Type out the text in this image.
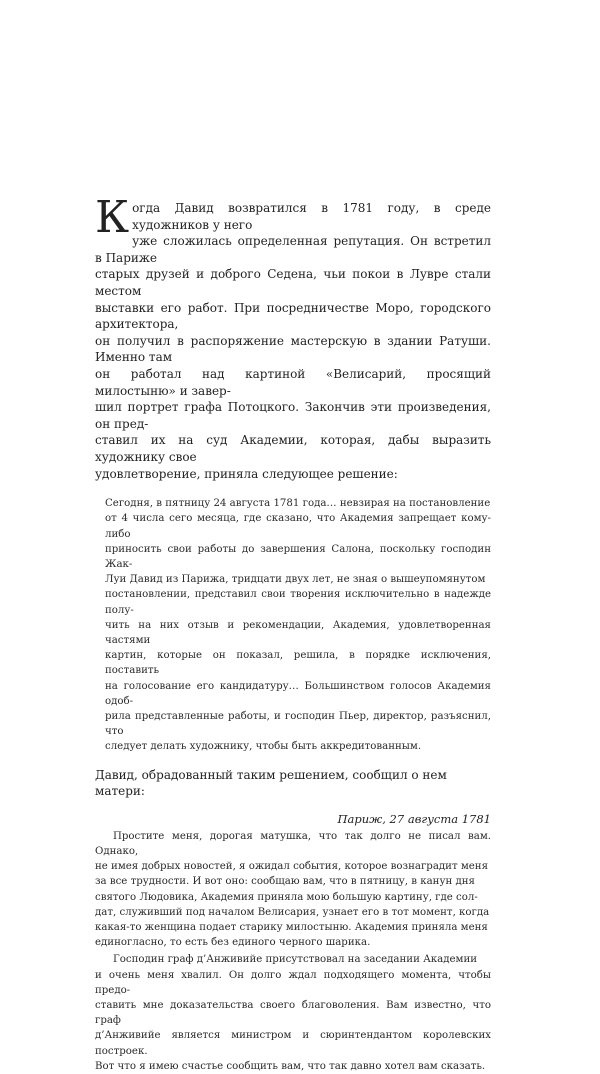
К огда Давид возвратился в 1781 году, в среде художников у него
уже сложилась определенная репутация. Он встретил в Париже
старых друзей и доброго Седена, чьи покои в Лувре стали местом
выставки его работ. При посредничестве Моро, городского архитектора,
он получил в распоряжение мастерскую в здании Ратуши. Именно там
он работал над картиной «Велисарий, просящий милостыню» и завер-
шил портрет графа Потоцкого. Закончив эти произведения, он пред-
ставил их на суд Академии, которая, дабы выразить художнику свое
удовлетворение, приняла следующее решение:
Сегодня, в пятницу 24 августа 1781 года… невзирая на постановление
от 4 числа сего месяца, где сказано, что Академия запрещает кому-либо
приносить свои работы до завершения Салона, поскольку господин Жак-
Луи Давид из Парижа, тридцати двух лет, не зная о вышеупомянутом
постановлении, представил свои творения исключительно в надежде полу-
чить на них отзыв и рекомендации, Академия, удовлетворенная частями
картин, которые он показал, решила, в порядке исключения, поставить
на голосование его кандидатуру… Большинством голосов Академия одоб-
рила представленные работы, и господин Пьер, директор, разъяснил, что
следует делать художнику, чтобы быть аккредитованным.
Давид, обрадованный таким решением, сообщил о нем матери:
Париж, 27 августа 1781
Простите меня, дорогая матушка, что так долго не писал вам. Однако,
не имея добрых новостей, я ожидал события, которое вознаградит меня
за все трудности. И вот оно: сообщаю вам, что в пятницу, в канун дня
святого Людовика, Академия приняла мою большую картину, где сол-
дат, служивший под началом Велисария, узнает его в тот момент, когда
какая-то женщина подает старику милостыню. Академия приняла меня
единогласно, то есть без единого черного шарика.
Господин граф д’Анживийе присутствовал на заседании Академии
и очень меня хвалил. Он долго ждал подходящего момента, чтобы предо-
ставить мне доказательства своего благоволения. Вам известно, что граф
д’Анживийе является министром и сюринтендантом королевских построек.
Вот что я имею счастье сообщить вам, что так давно хотел вам сказать.
